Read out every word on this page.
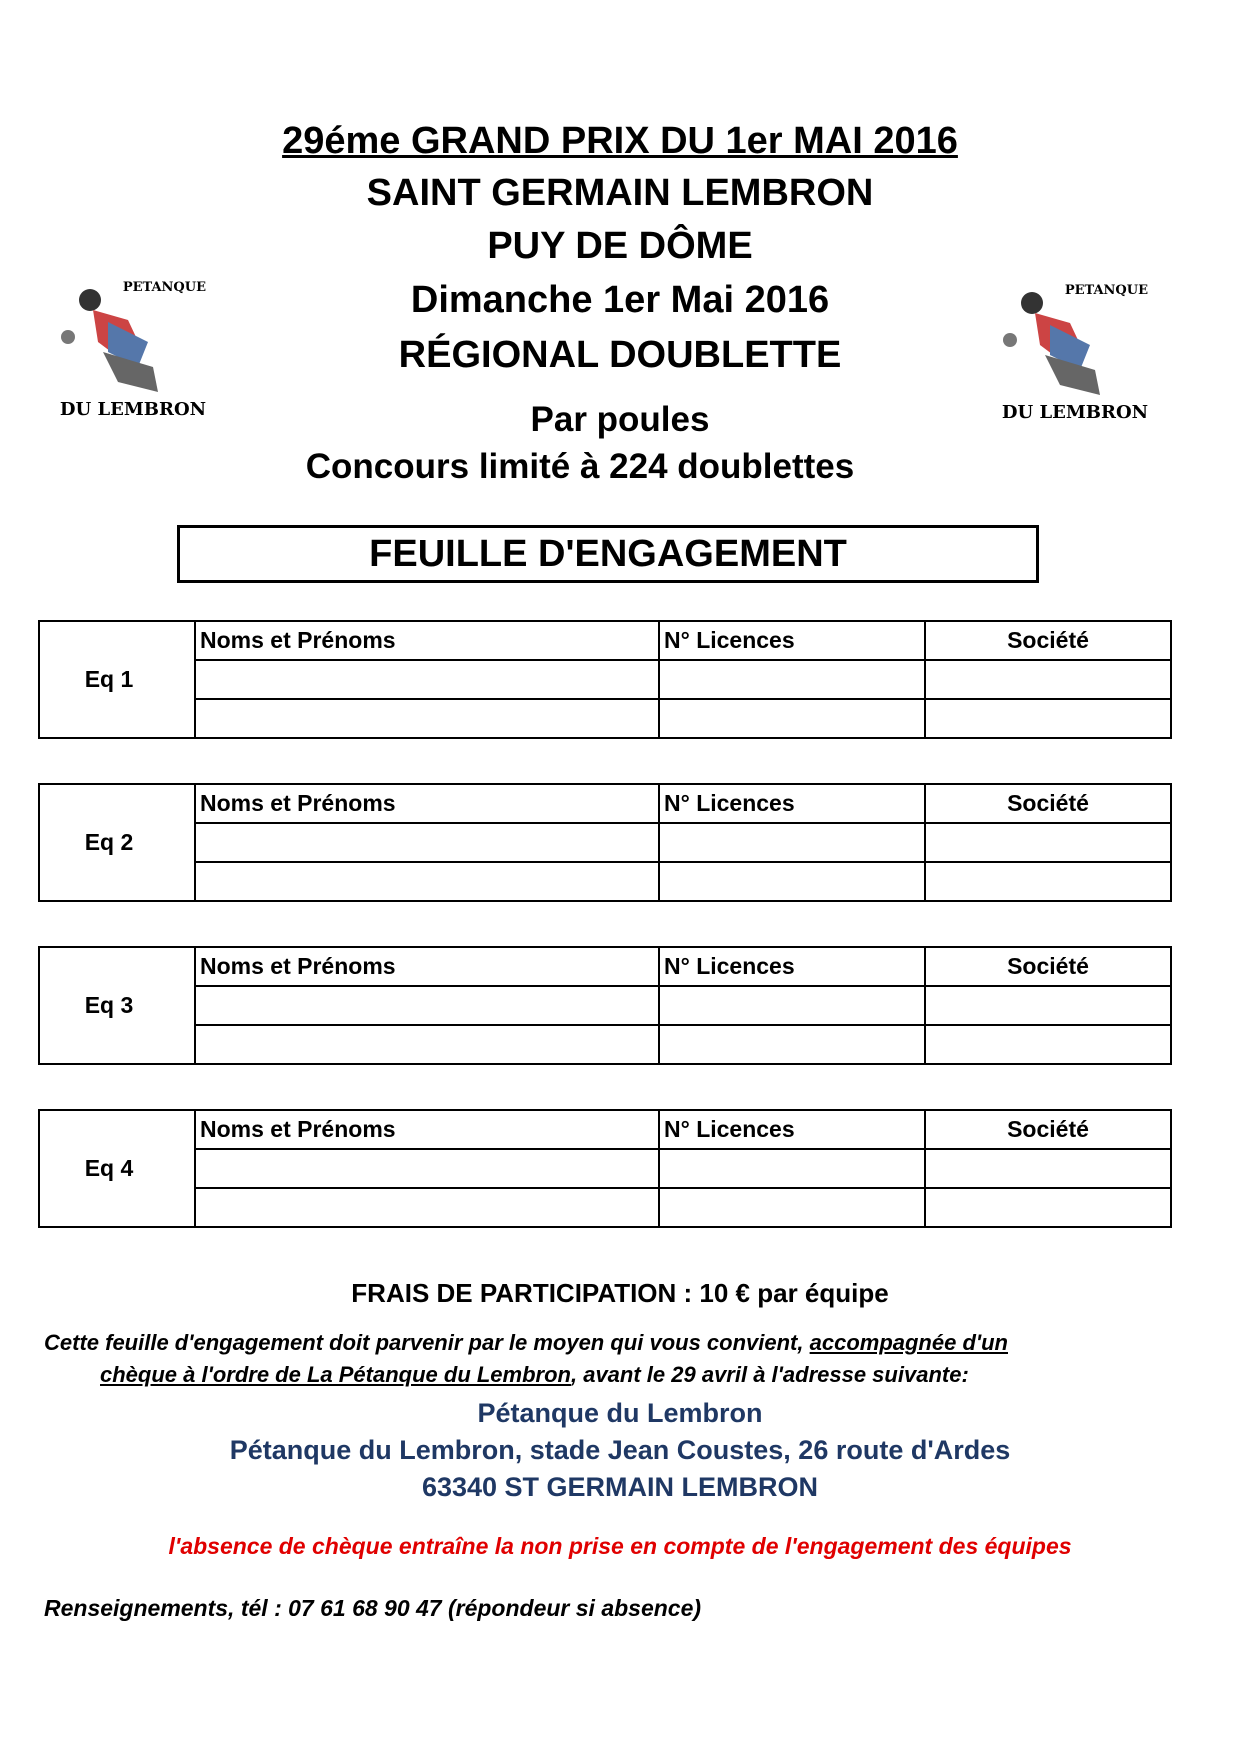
29éme GRAND PRIX DU 1er MAI 2016
SAINT GERMAIN LEMBRON
PUY DE DÔME
Dimanche 1er Mai 2016
RÉGIONAL DOUBLETTE
Par poules
Concours limité à 224 doublettes
PETANQUE
DU LEMBRON
PETANQUE
DU LEMBRON
FEUILLE D'ENGAGEMENT
Eq 1	Noms et Prénoms	N° Licences	Société

Eq 2	Noms et Prénoms	N° Licences	Société

Eq 3	Noms et Prénoms	N° Licences	Société

Eq 4	Noms et Prénoms	N° Licences	Société

FRAIS DE PARTICIPATION : 10 € par équipe
Cette feuille d'engagement doit parvenir par le moyen qui vous convient, accompagnée d'un
chèque à l'ordre de La Pétanque du Lembron, avant le 29 avril à l'adresse suivante:
Pétanque du Lembron
Pétanque du Lembron, stade Jean Coustes, 26 route d'Ardes
63340 ST GERMAIN LEMBRON
l'absence de chèque entraîne la non prise en compte de l'engagement des équipes
Renseignements, tél : 07 61 68 90 47 (répondeur si absence)
